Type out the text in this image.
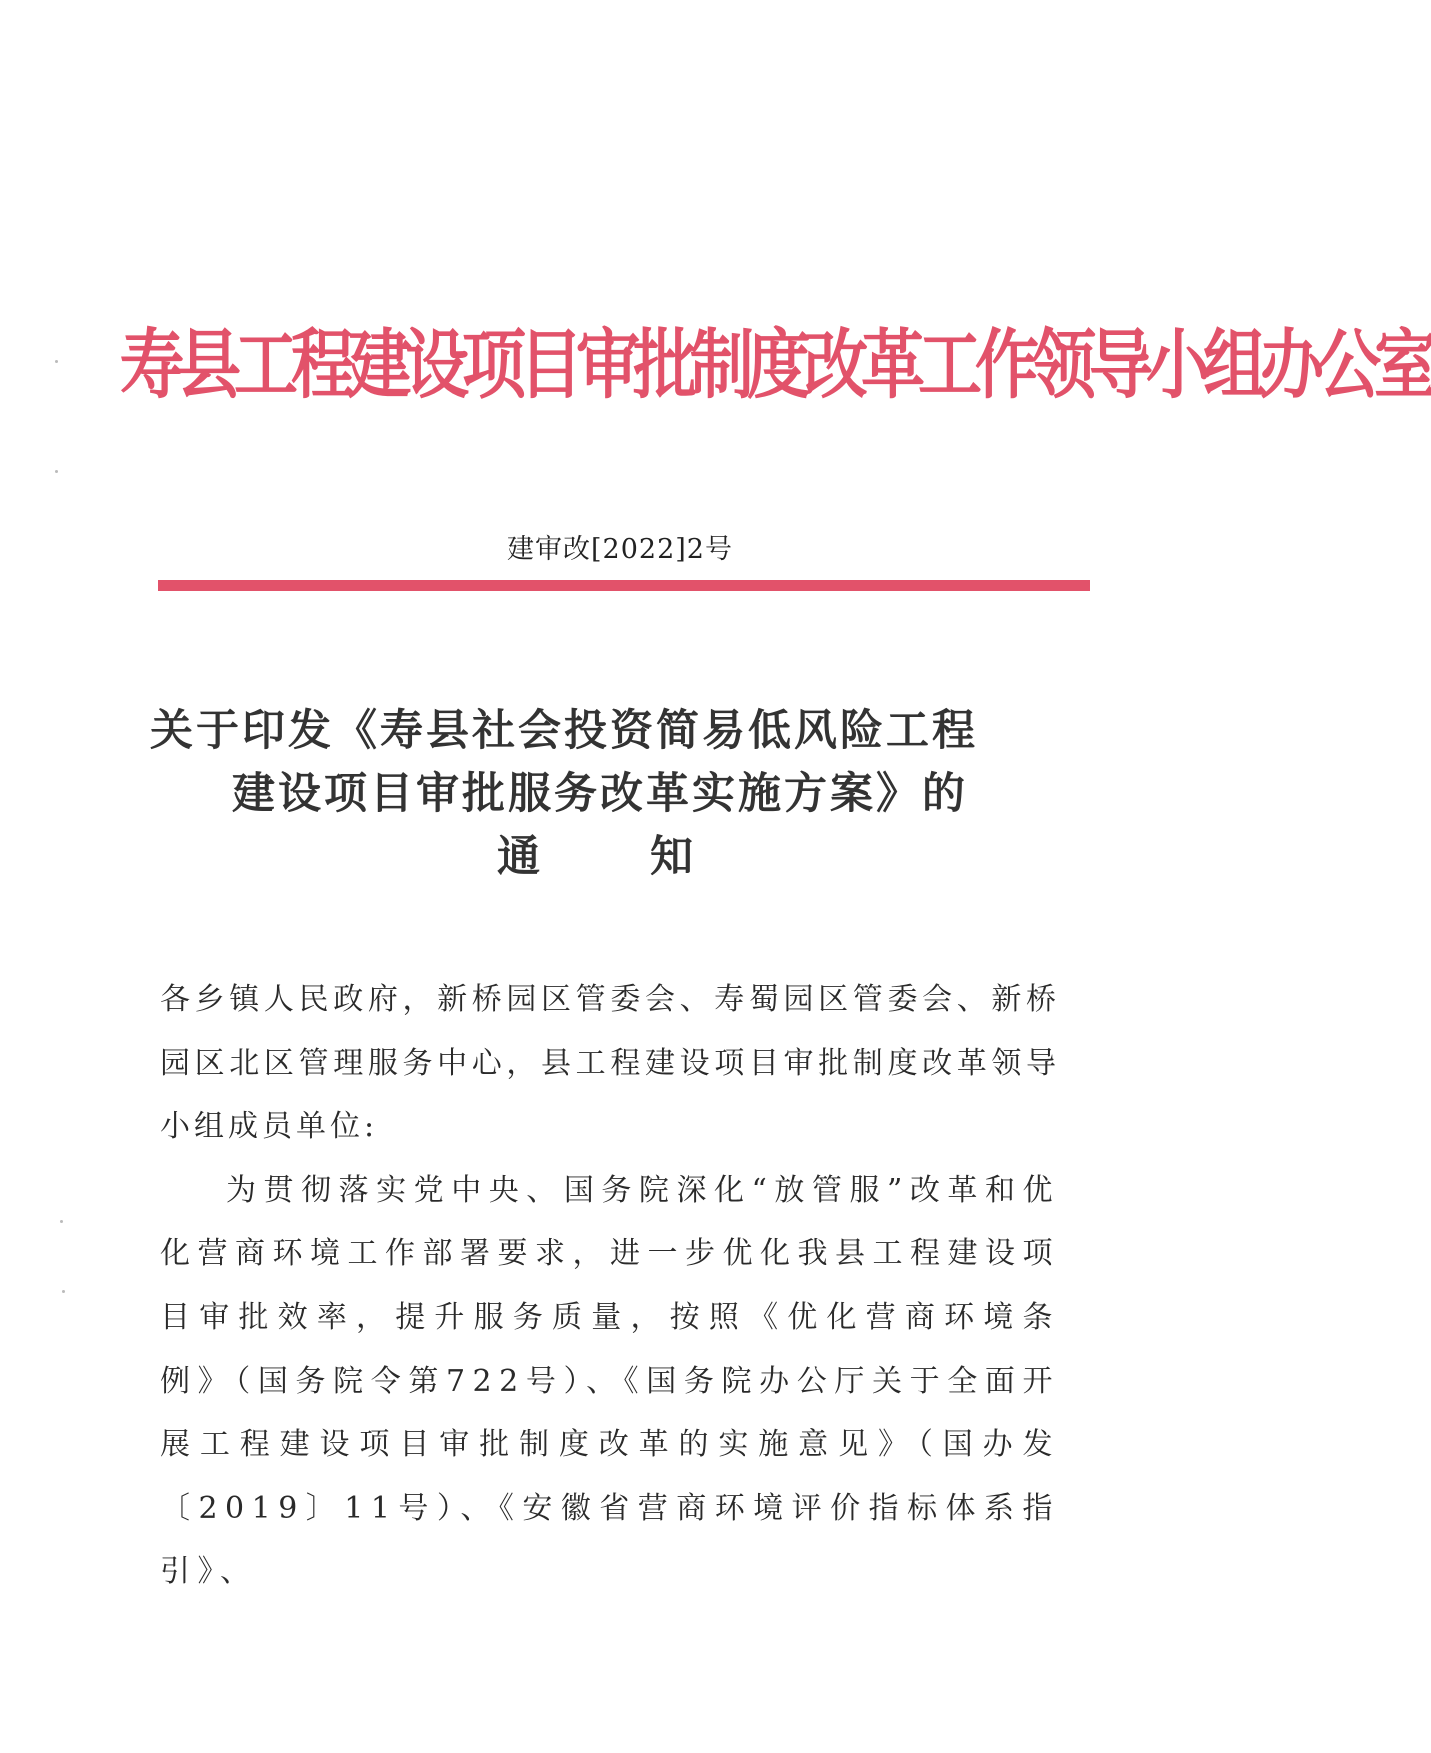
寿县工程建设项目审批制度改革工作领导小组办公室
建审改[2022]2号
关于印发《寿县社会投资简易低风险工程
建设项目审批服务改革实施方案》的
通知

各乡镇人民政府，新桥园区管委会、寿蜀园区管委会、新桥园区北区管理服务中心，县工程建设项目审批制度改革领导小组成员单位:

为贯彻落实党中央、国务院深化“放管服”改革和优化营商环境工作部署要求，进一步优化我县工程建设项目审批效率，提升服务质量，按照《优化营商环境条例》（国务院令第722号）、《国务院办公厅关于全面开展工程建设项目审批制度改革的实施意见》（国办发〔2019〕11号）、《安徽省营商环境评价指标体系指引》、
